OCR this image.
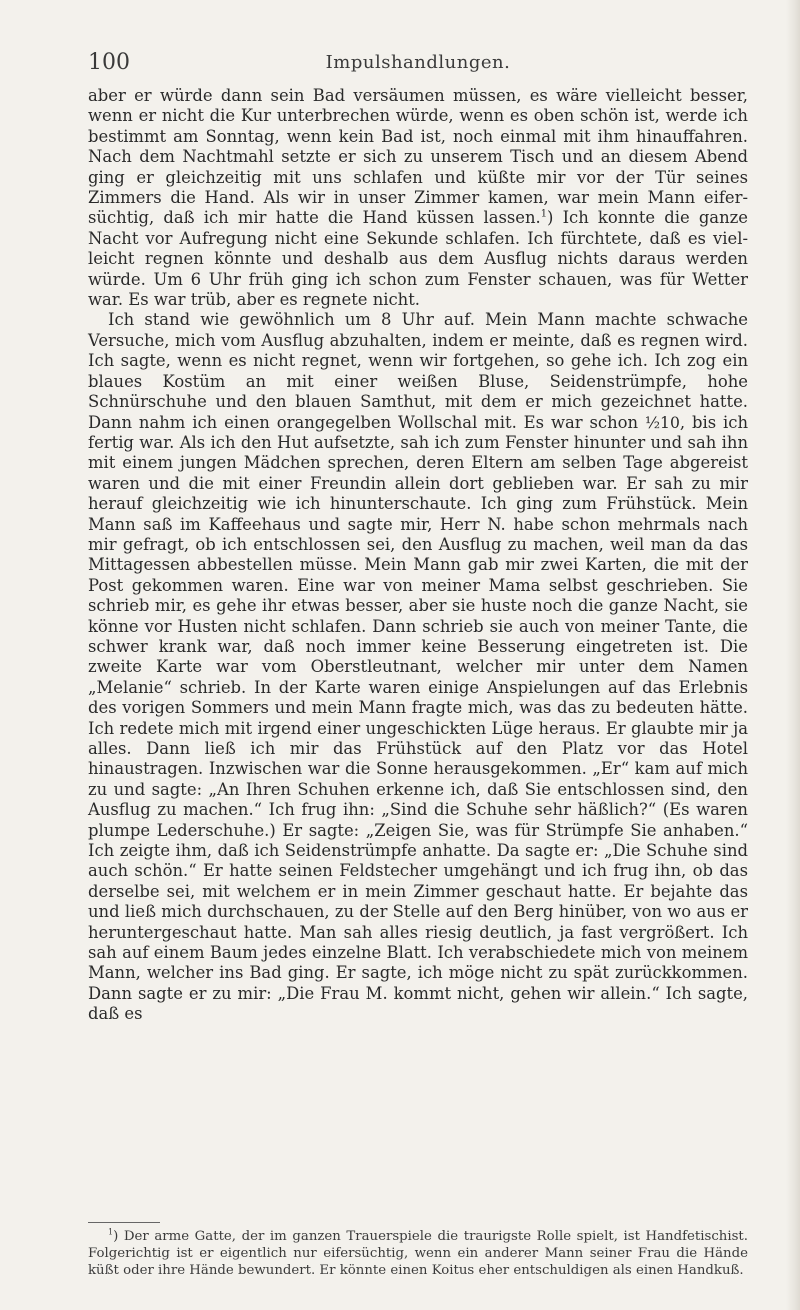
100	Impulshandlungen.

aber er würde dann sein Bad versäumen müssen, es wäre vielleicht besser, wenn er nicht die Kur unterbrechen würde, wenn es oben schön ist, werde ich bestimmt am Sonntag, wenn kein Bad ist, noch einmal mit ihm hinauffahren. Nach dem Nachtmahl setzte er sich zu unserem Tisch und an diesem Abend ging er gleichzeitig mit uns schlafen und küßte mir vor der Tür seines Zimmers die Hand. Als wir in unser Zimmer kamen, war mein Mann eifersüchtig, daß ich mir hatte die Hand küssen lassen.$^1$) Ich konnte die ganze Nacht vor Aufregung nicht eine Sekunde schlafen. Ich fürchtete, daß es vielleicht regnen könnte und deshalb aus dem Ausflug nichts daraus werden würde. Um 6 Uhr früh ging ich schon zum Fenster schauen, was für Wetter war. Es war trüb, aber es regnete nicht.

Ich stand wie gewöhnlich um 8 Uhr auf. Mein Mann machte schwache Versuche, mich vom Ausflug abzuhalten, indem er meinte, daß es regnen wird. Ich sagte, wenn es nicht regnet, wenn wir fortgehen, so gehe ich. Ich zog ein blaues Kostüm an mit einer weißen Bluse, Seidenstrümpfe, hohe Schnürschuhe und den blauen Samthut, mit dem er mich gezeichnet hatte. Dann nahm ich einen orangegelben Wollschal mit. Es war schon ½10, bis ich fertig war. Als ich den Hut aufsetzte, sah ich zum Fenster hinunter und sah ihn mit einem jungen Mädchen sprechen, deren Eltern am selben Tage abgereist waren und die mit einer Freundin allein dort geblieben war. Er sah zu mir herauf gleichzeitig wie ich hinunterschaute. Ich ging zum Frühstück. Mein Mann saß im Kaffeehaus und sagte mir, Herr N. habe schon mehrmals nach mir gefragt, ob ich entschlossen sei, den Ausflug zu machen, weil man da das Mittagessen abbestellen müsse. Mein Mann gab mir zwei Karten, die mit der Post gekommen waren. Eine war von meiner Mama selbst geschrieben. Sie schrieb mir, es gehe ihr etwas besser, aber sie huste noch die ganze Nacht, sie könne vor Husten nicht schlafen. Dann schrieb sie auch von meiner Tante, die schwer krank war, daß noch immer keine Besserung eingetreten ist. Die zweite Karte war vom Oberstleutnant, welcher mir unter dem Namen „Melanie“ schrieb. In der Karte waren einige Anspielungen auf das Erlebnis des vorigen Sommers und mein Mann fragte mich, was das zu bedeuten hätte. Ich redete mich mit irgend einer ungeschickten Lüge heraus. Er glaubte mir ja alles. Dann ließ ich mir das Frühstück auf den Platz vor das Hotel hinaustragen. Inzwischen war die Sonne herausgekommen. „Er“ kam auf mich zu und sagte: „An Ihren Schuhen erkenne ich, daß Sie entschlossen sind, den Ausflug zu machen.“ Ich frug ihn: „Sind die Schuhe sehr häßlich?“ (Es waren plumpe Lederschuhe.) Er sagte: „Zeigen Sie, was für Strümpfe Sie anhaben.“ Ich zeigte ihm, daß ich Seidenstrümpfe anhatte. Da sagte er: „Die Schuhe sind auch schön.“ Er hatte seinen Feldstecher umgehängt und ich frug ihn, ob das derselbe sei, mit welchem er in mein Zimmer geschaut hatte. Er bejahte das und ließ mich durchschauen, zu der Stelle auf den Berg hinüber, von wo aus er heruntergeschaut hatte. Man sah alles riesig deutlich, ja fast vergrößert. Ich sah auf einem Baum jedes einzelne Blatt. Ich verabschiedete mich von meinem Mann, welcher ins Bad ging. Er sagte, ich möge nicht zu spät zurückkommen. Dann sagte er zu mir: „Die Frau M. kommt nicht, gehen wir allein.“ Ich sagte, daß es

$^1$) Der arme Gatte, der im ganzen Trauerspiele die traurigste Rolle spielt, ist Handfetischist. Folgerichtig ist er eigentlich nur eifersüchtig, wenn ein anderer Mann seiner Frau die Hände küßt oder ihre Hände bewundert. Er könnte einen Koitus eher entschuldigen als einen Handkuß.
